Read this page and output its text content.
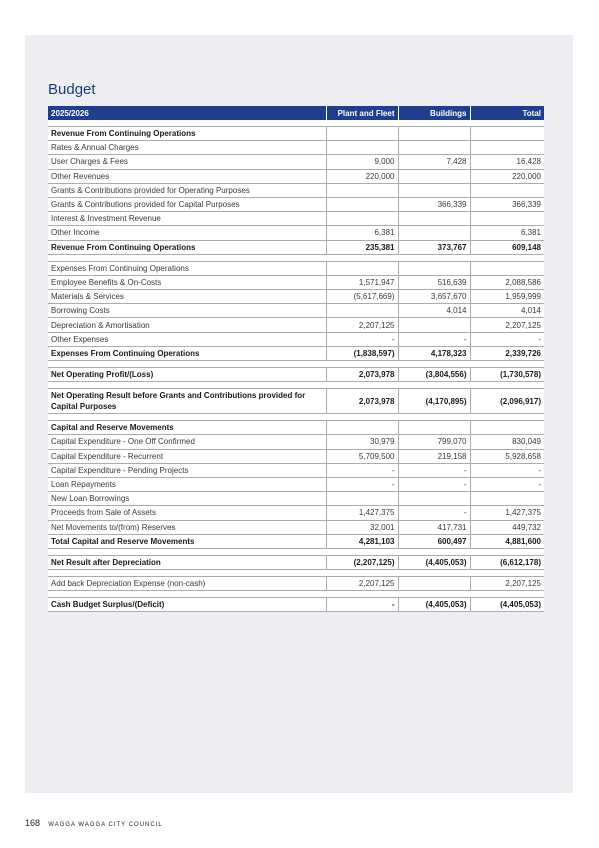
Budget
2025/2026	Plant and Fleet	Buildings	Total

Revenue From Continuing Operations			
Rates & Annual Charges			
User Charges & Fees	9,000	7,428	16,428
Other Revenues	220,000		220,000
Grants & Contributions provided for Operating Purposes			
Grants & Contributions provided for Capital Purposes		366,339	366,339
Interest & Investment Revenue			
Other Income	6,381		6,381
Revenue From Continuing Operations	235,381	373,767	609,148

Expenses From Continuing Operations			
Employee Benefits & On-Costs	1,571,947	516,639	2,088,586
Materials & Services	(5,617,669)	3,657,670	1,959,999
Borrowing Costs		4,014	4,014
Depreciation & Amortisation	2,207,125		2,207,125
Other Expenses	-	-	-
Expenses From Continuing Operations	(1,838,597)	4,178,323	2,339,726

Net Operating Profit/(Loss)	2,073,978	(3,804,556)	(1,730,578)

Net Operating Result before Grants and Contributions provided for Capital Purposes	2,073,978	(4,170,895)	(2,096,917)

Capital and Reserve Movements			
Capital Expenditure - One Off Confirmed	30,979	799,070	830,049
Capital Expenditure - Recurrent	5,709,500	219,158	5,928,658
Capital Expenditure - Pending Projects	-	-	-
Loan Repayments	-	-	-
New Loan Borrowings			
Proceeds from Sale of Assets	1,427,375	-	1,427,375
Net Movements to/(from) Reserves	32,001	417,731	449,732
Total Capital and Reserve Movements	4,281,103	600,497	4,881,600

Net Result after Depreciation	(2,207,125)	(4,405,053)	(6,612,178)

Add back Depreciation Expense (non-cash)	2,207,125		2,207,125

Cash Budget Surplus/(Deficit)	-	(4,405,053)	(4,405,053)
168 WAGGA WAGGA CITY COUNCIL
